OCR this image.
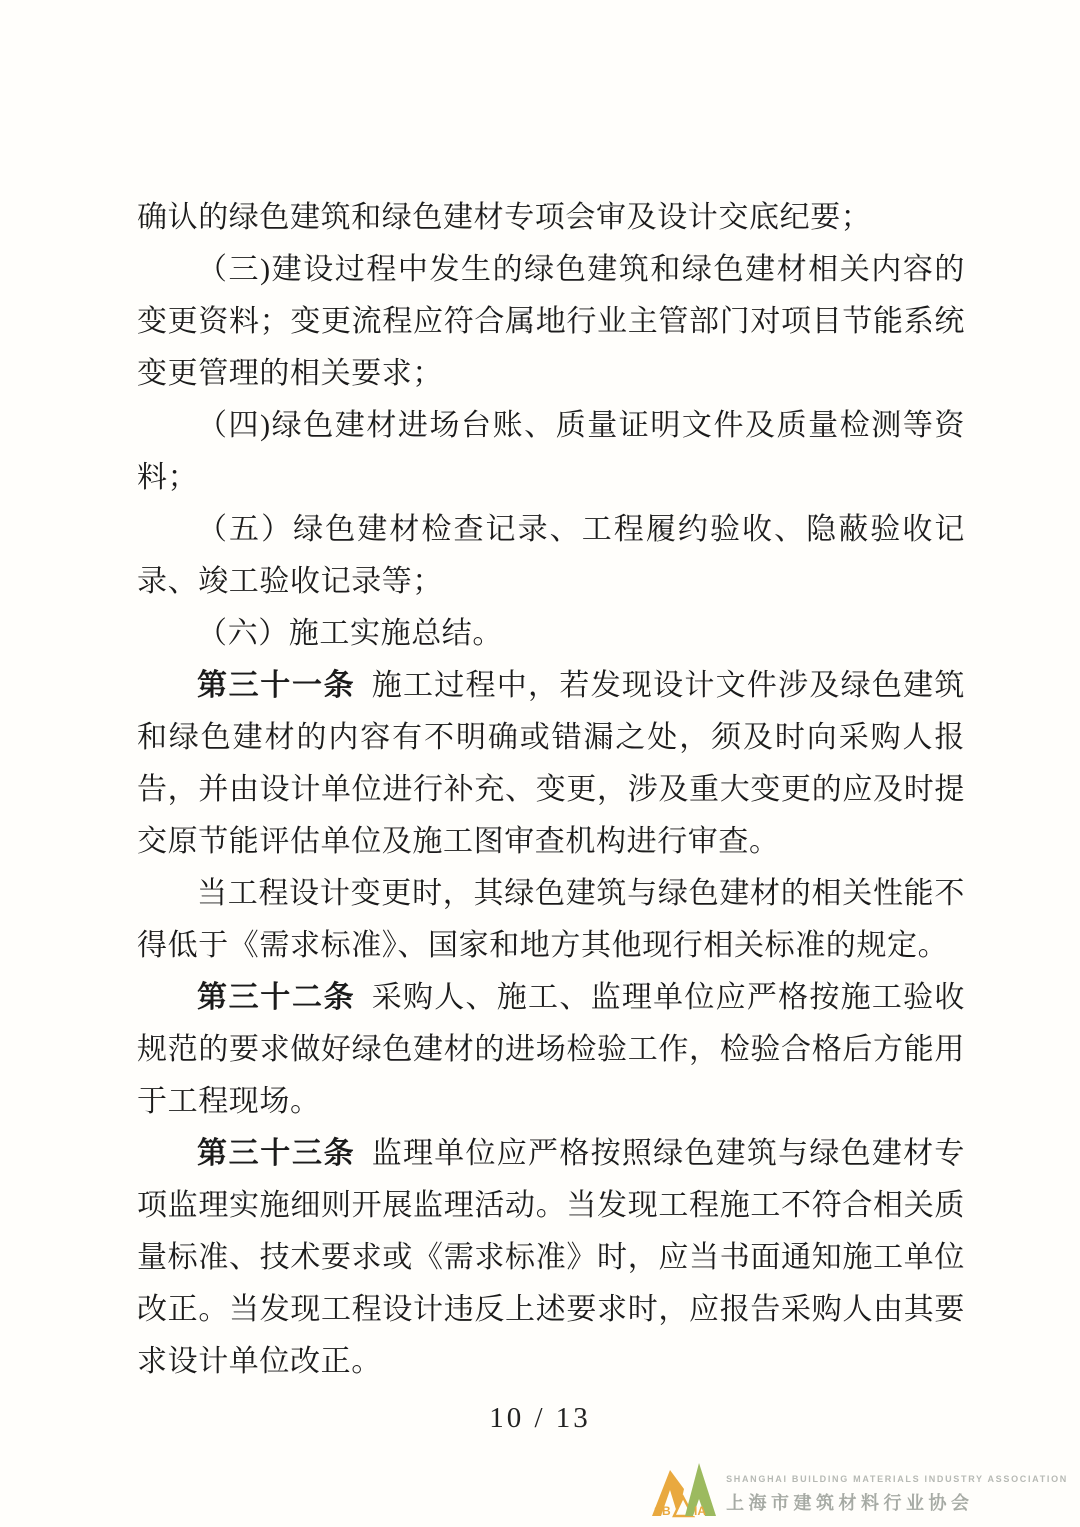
确认的绿色建筑和绿色建材专项会审及设计交底纪要；

（三)建设过程中发生的绿色建筑和绿色建材相关内容的变更资料；变更流程应符合属地行业主管部门对项目节能系统变更管理的相关要求；

（四)绿色建材进场台账、质量证明文件及质量检测等资料；

（五）绿色建材检查记录、工程履约验收、隐蔽验收记录、竣工验收记录等；

（六）施工实施总结。

第三十一条 施工过程中，若发现设计文件涉及绿色建筑和绿色建材的内容有不明确或错漏之处，须及时向采购人报告，并由设计单位进行补充、变更，涉及重大变更的应及时提交原节能评估单位及施工图审查机构进行审查。

当工程设计变更时，其绿色建筑与绿色建材的相关性能不得低于《需求标准》、国家和地方其他现行相关标准的规定。

第三十二条 采购人、施工、监理单位应严格按施工验收规范的要求做好绿色建材的进场检验工作，检验合格后方能用于工程现场。

第三十三条 监理单位应严格按照绿色建筑与绿色建材专项监理实施细则开展监理活动。当发现工程施工不符合相关质量标准、技术要求或《需求标准》时，应当书面通知施工单位改正。当发现工程设计违反上述要求时，应报告采购人由其要求设计单位改正。

10 / 13
SB IA
SHANGHAI BUILDING MATERIALS INDUSTRY ASSOCIATION
上海市建筑材料行业协会
